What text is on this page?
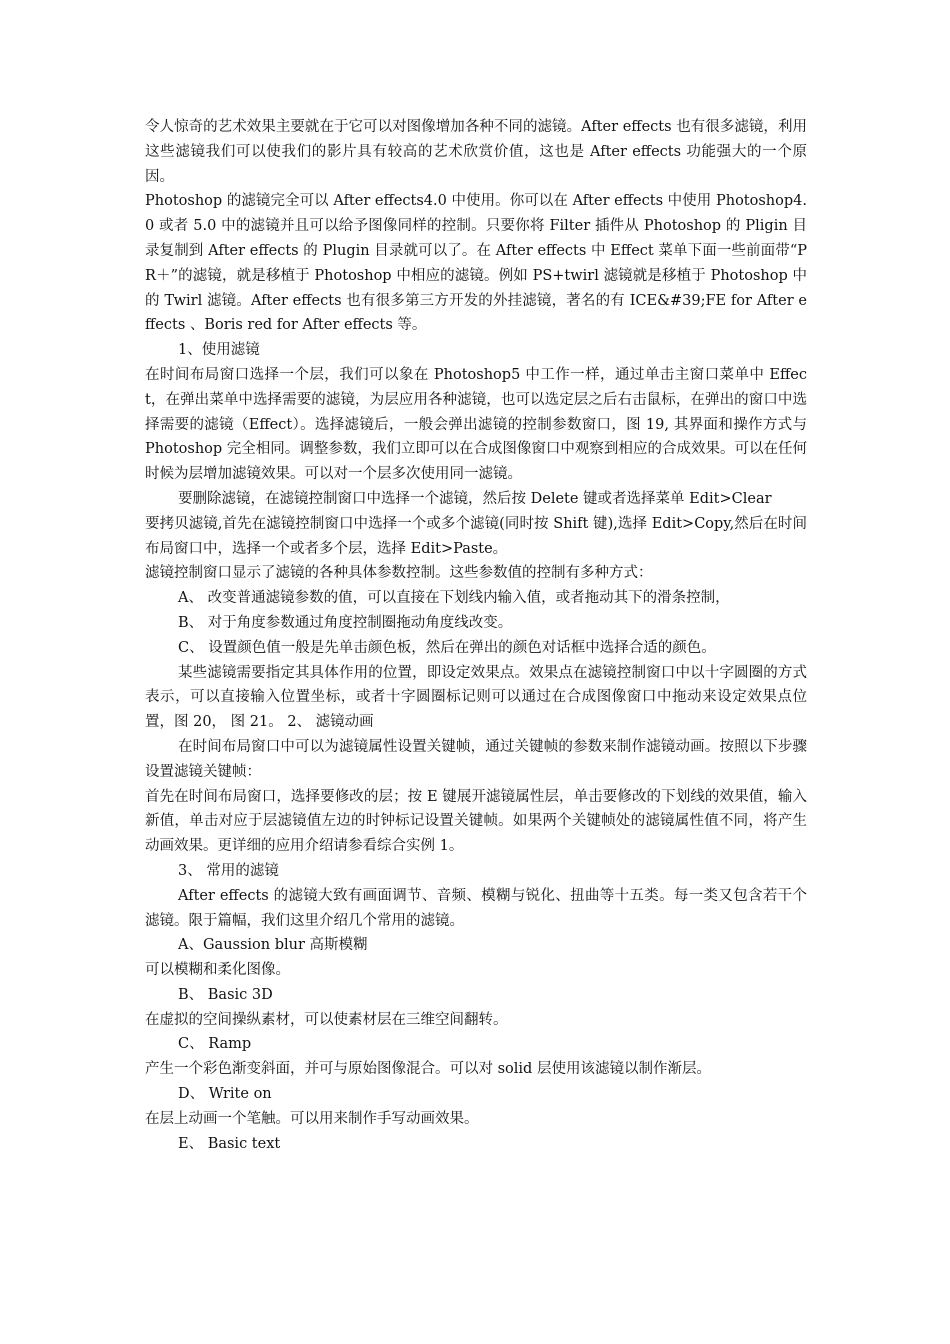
令人惊奇的艺术效果主要就在于它可以对图像增加各种不同的滤镜。After effects 也有很多滤镜，利用这些滤镜我们可以使我们的影片具有较高的艺术欣赏价值，这也是 After effects 功能强大的一个原因。

Photoshop 的滤镜完全可以 After effects4.0 中使用。你可以在 After effects 中使用 Photoshop4.0 或者 5.0 中的滤镜并且可以给予图像同样的控制。只要你将 Filter 插件从 Photoshop 的 Pligin 目录复制到 After effects 的 Plugin 目录就可以了。在 After effects 中 Effect 菜单下面一些前面带“PR＋”的滤镜，就是移植于 Photoshop 中相应的滤镜。例如 PS+twirl 滤镜就是移植于 Photoshop 中的 Twirl 滤镜。After effects 也有很多第三方开发的外挂滤镜，著名的有 ICE&#39;FE for After effects 、Boris red for After effects 等。

1、使用滤镜

在时间布局窗口选择一个层，我们可以象在 Photoshop5 中工作一样，通过单击主窗口菜单中 Effect，在弹出菜单中选择需要的滤镜，为层应用各种滤镜，也可以选定层之后右击鼠标，在弹出的窗口中选择需要的滤镜（Effect）。选择滤镜后，一般会弹出滤镜的控制参数窗口，图 19, 其界面和操作方式与 Photoshop 完全相同。调整参数，我们立即可以在合成图像窗口中观察到相应的合成效果。可以在任何时候为层增加滤镜效果。可以对一个层多次使用同一滤镜。

要删除滤镜，在滤镜控制窗口中选择一个滤镜，然后按 Delete 键或者选择菜单 Edit>Clear

要拷贝滤镜,首先在滤镜控制窗口中选择一个或多个滤镜(同时按 Shift 键),选择 Edit>Copy,然后在时间布局窗口中，选择一个或者多个层，选择 Edit>Paste。

滤镜控制窗口显示了滤镜的各种具体参数控制。这些参数值的控制有多种方式：

A、 改变普通滤镜参数的值，可以直接在下划线内输入值，或者拖动其下的滑条控制，

B、 对于角度参数通过角度控制圈拖动角度线改变。

C、 设置颜色值一般是先单击颜色板，然后在弹出的颜色对话框中选择合适的颜色。

某些滤镜需要指定其具体作用的位置，即设定效果点。效果点在滤镜控制窗口中以十字圆圈的方式表示，可以直接输入位置坐标，或者十字圆圈标记则可以通过在合成图像窗口中拖动来设定效果点位置，图 20， 图 21。 2、 滤镜动画

在时间布局窗口中可以为滤镜属性设置关键帧，通过关键帧的参数来制作滤镜动画。按照以下步骤设置滤镜关键帧：

首先在时间布局窗口，选择要修改的层；按 E 键展开滤镜属性层，单击要修改的下划线的效果值，输入新值，单击对应于层滤镜值左边的时钟标记设置关键帧。如果两个关键帧处的滤镜属性值不同，将产生动画效果。更详细的应用介绍请参看综合实例 1。

3、 常用的滤镜

After effects 的滤镜大致有画面调节、音频、模糊与锐化、扭曲等十五类。每一类又包含若干个滤镜。限于篇幅，我们这里介绍几个常用的滤镜。

A、Gaussion blur 高斯模糊

可以模糊和柔化图像。

B、 Basic 3D

在虚拟的空间操纵素材，可以使素材层在三维空间翻转。

C、 Ramp

产生一个彩色渐变斜面，并可与原始图像混合。可以对 solid 层使用该滤镜以制作渐层。

D、 Write on

在层上动画一个笔触。可以用来制作手写动画效果。

E、 Basic text
